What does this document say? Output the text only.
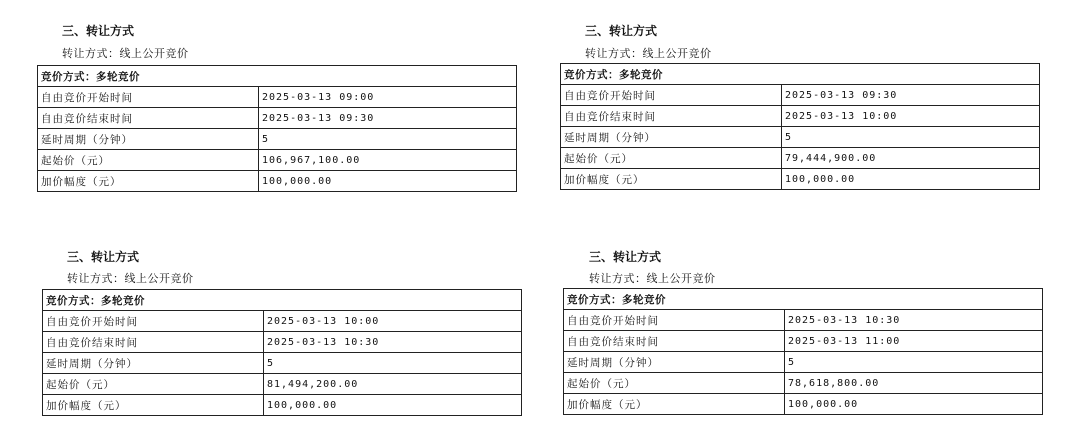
三、转让方式
转让方式：线上公开竞价
竞价方式：多轮竞价	
自由竞价开始时间	2025-03-13 09:00
自由竞价结束时间	2025-03-13 09:30
延时周期（分钟）	5
起始价（元）	106,967,100.00
加价幅度（元）	100,000.00
三、转让方式
转让方式：线上公开竞价
竞价方式：多轮竞价	
自由竞价开始时间	2025-03-13 09:30
自由竞价结束时间	2025-03-13 10:00
延时周期（分钟）	5
起始价（元）	79,444,900.00
加价幅度（元）	100,000.00
三、转让方式
转让方式：线上公开竞价
竞价方式：多轮竞价	
自由竞价开始时间	2025-03-13 10:00
自由竞价结束时间	2025-03-13 10:30
延时周期（分钟）	5
起始价（元）	81,494,200.00
加价幅度（元）	100,000.00
三、转让方式
转让方式：线上公开竞价
竞价方式：多轮竞价	
自由竞价开始时间	2025-03-13 10:30
自由竞价结束时间	2025-03-13 11:00
延时周期（分钟）	5
起始价（元）	78,618,800.00
加价幅度（元）	100,000.00
